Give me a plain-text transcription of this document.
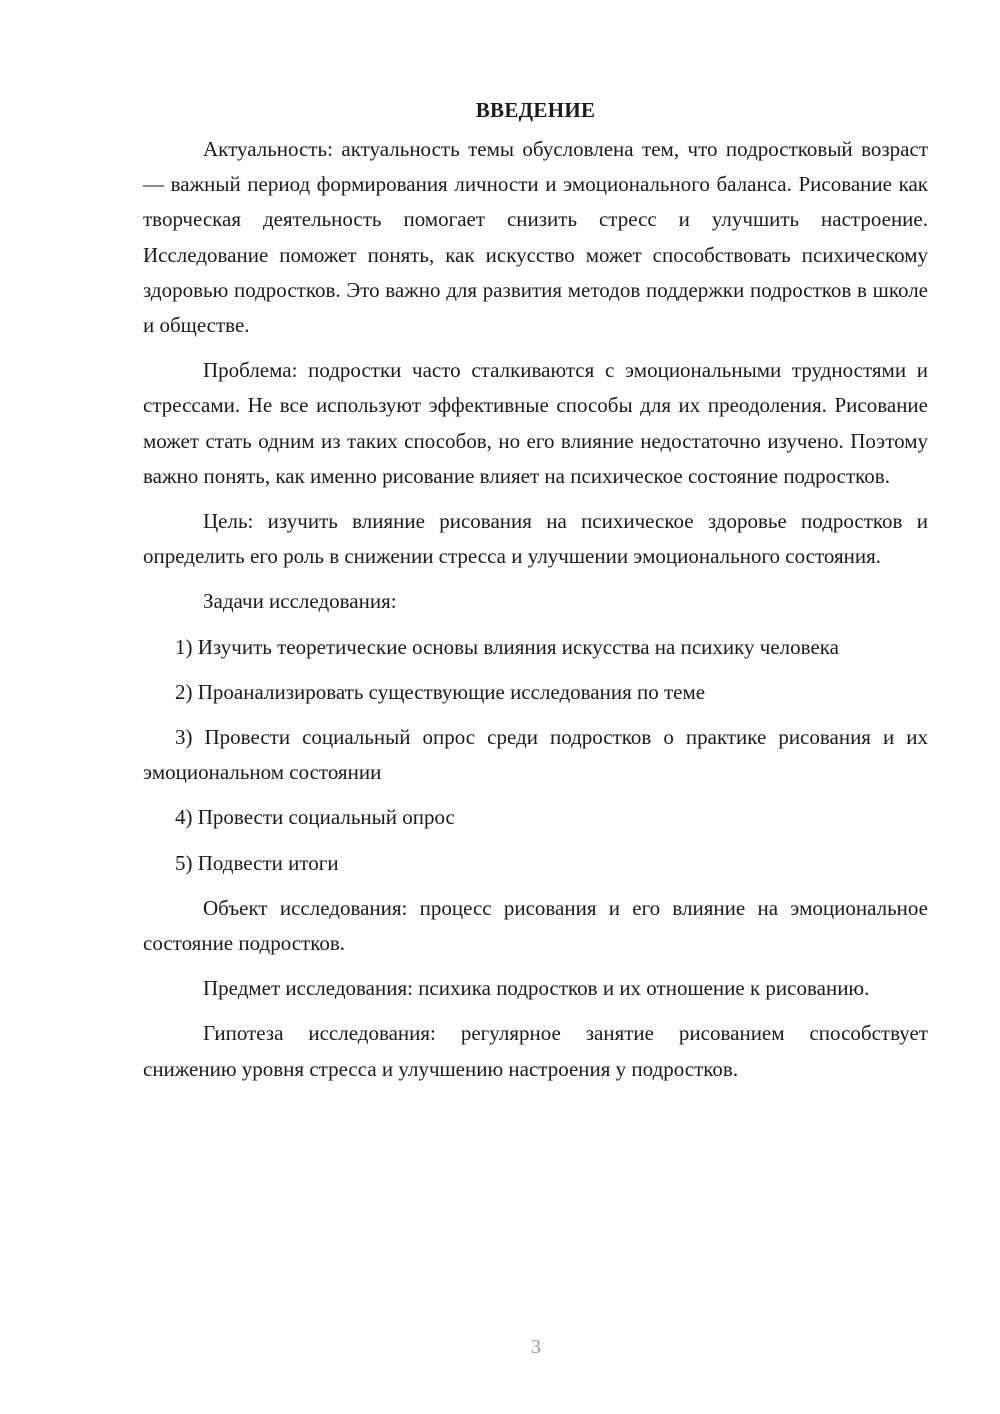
ВВЕДЕНИЕ

Актуальность: актуальность темы обусловлена тем, что подростковый возраст — важный период формирования личности и эмоционального баланса. Рисование как творческая деятельность помогает снизить стресс и улучшить настроение. Исследование поможет понять, как искусство может способствовать психическому здоровью подростков. Это важно для развития методов поддержки подростков в школе и обществе.

Проблема: подростки часто сталкиваются с эмоциональными трудностями и стрессами. Не все используют эффективные способы для их преодоления. Рисование может стать одним из таких способов, но его влияние недостаточно изучено. Поэтому важно понять, как именно рисование влияет на психическое состояние подростков.

Цель: изучить влияние рисования на психическое здоровье подростков и определить его роль в снижении стресса и улучшении эмоционального состояния.

Задачи исследования:

1) Изучить теоретические основы влияния искусства на психику человека

2) Проанализировать существующие исследования по теме

3) Провести социальный опрос среди подростков о практике рисования и их эмоциональном состоянии

4) Провести социальный опрос

5) Подвести итоги

Объект исследования: процесс рисования и его влияние на эмоциональное состояние подростков.

Предмет исследования: психика подростков и их отношение к рисованию.

Гипотеза исследования: регулярное занятие рисованием способствует снижению уровня стресса и улучшению настроения у подростков.

3
